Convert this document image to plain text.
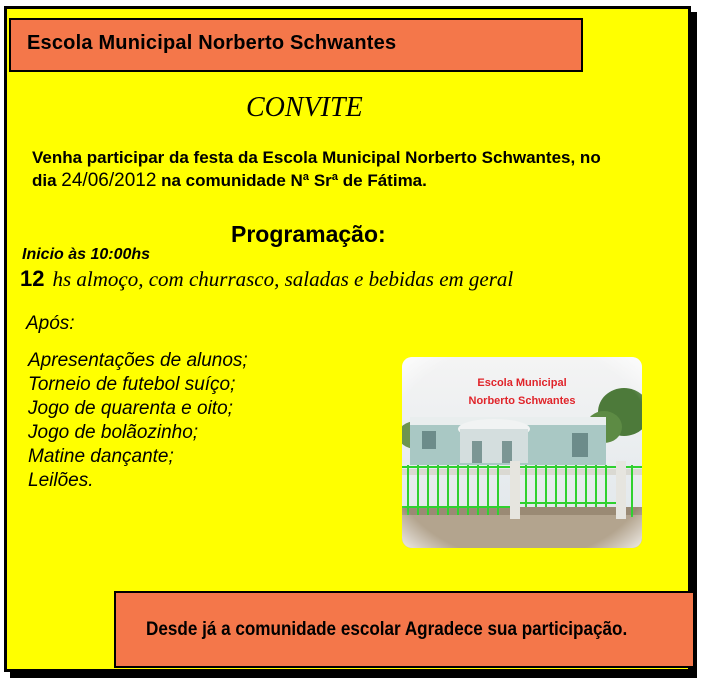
Escola Municipal Norberto Schwantes
CONVITE
Venha participar da festa da Escola Municipal Norberto Schwantes, no dia 24/06/2012 na comunidade Nª Srª de Fátima.
Programação:
Inicio às 10:00hs
12 hs almoço, com churrasco, saladas e bebidas em geral
Após:
Apresentações de alunos;
Torneio de futebol suíço;
Jogo de quarenta e oito;
Jogo de bolãozinho;
Matine dançante;
Leilões.
Escola Municipal
Norberto Schwantes
Desde já a comunidade escolar Agradece sua participação.
